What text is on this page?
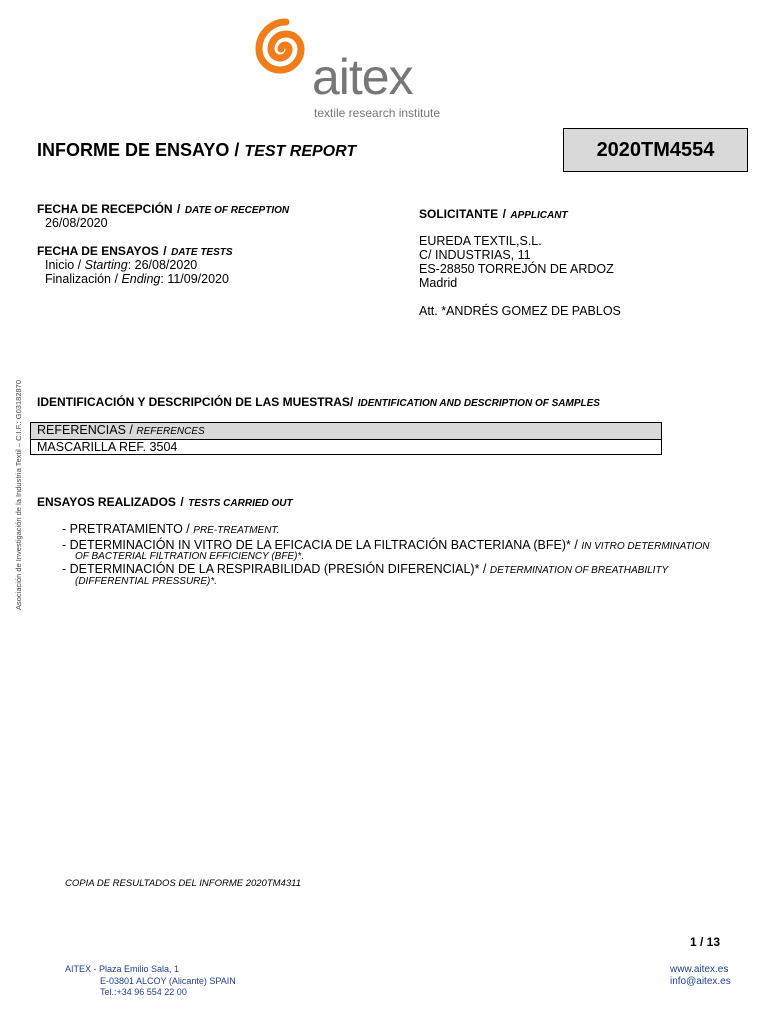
aitex
textile research institute
INFORME DE ENSAYO / TEST REPORT	2020TM4554
FECHA DE RECEPCIÓN / DATE OF RECEPTION
26/08/2020
FECHA DE ENSAYOS / DATE TESTS
Inicio / Starting: 26/08/2020
Finalización / Ending: 11/09/2020
SOLICITANTE / APPLICANT
EUREDA TEXTIL,S.L.
C/ INDUSTRIAS, 11
ES-28850 TORREJÓN DE ARDOZ
Madrid
Att. *ANDRÉS GOMEZ DE PABLOS
Asociación de Investigación de la Industria Textil – C.I.F.: G03182870 IDENTIFICACIÓN Y DESCRIPCIÓN DE LAS MUESTRAS/ IDENTIFICATION AND DESCRIPTION OF SAMPLES
REFERENCIAS / REFERENCES
MASCARILLA REF. 3504
ENSAYOS REALIZADOS / TESTS CARRIED OUT
- PRETRATAMIENTO / PRE-TREATMENT.
- DETERMINACIÓN IN VITRO DE LA EFICACIA DE LA FILTRACIÓN BACTERIANA (BFE)* / IN VITRO DETERMINATION
OF BACTERIAL FILTRATION EFFICIENCY (BFE)*.
- DETERMINACIÓN DE LA RESPIRABILIDAD (PRESIÓN DIFERENCIAL)* / DETERMINATION OF BREATHABILITY
(DIFFERENTIAL PRESSURE)*.
COPIA DE RESULTADOS DEL INFORME 2020TM4311
1 / 13
AITEX - Plaza Emilio Sala, 1
E-03801 ALCOY (Alicante) SPAIN
Tel.:+34 96 554 22 00
www.aitex.es
info@aitex.es
